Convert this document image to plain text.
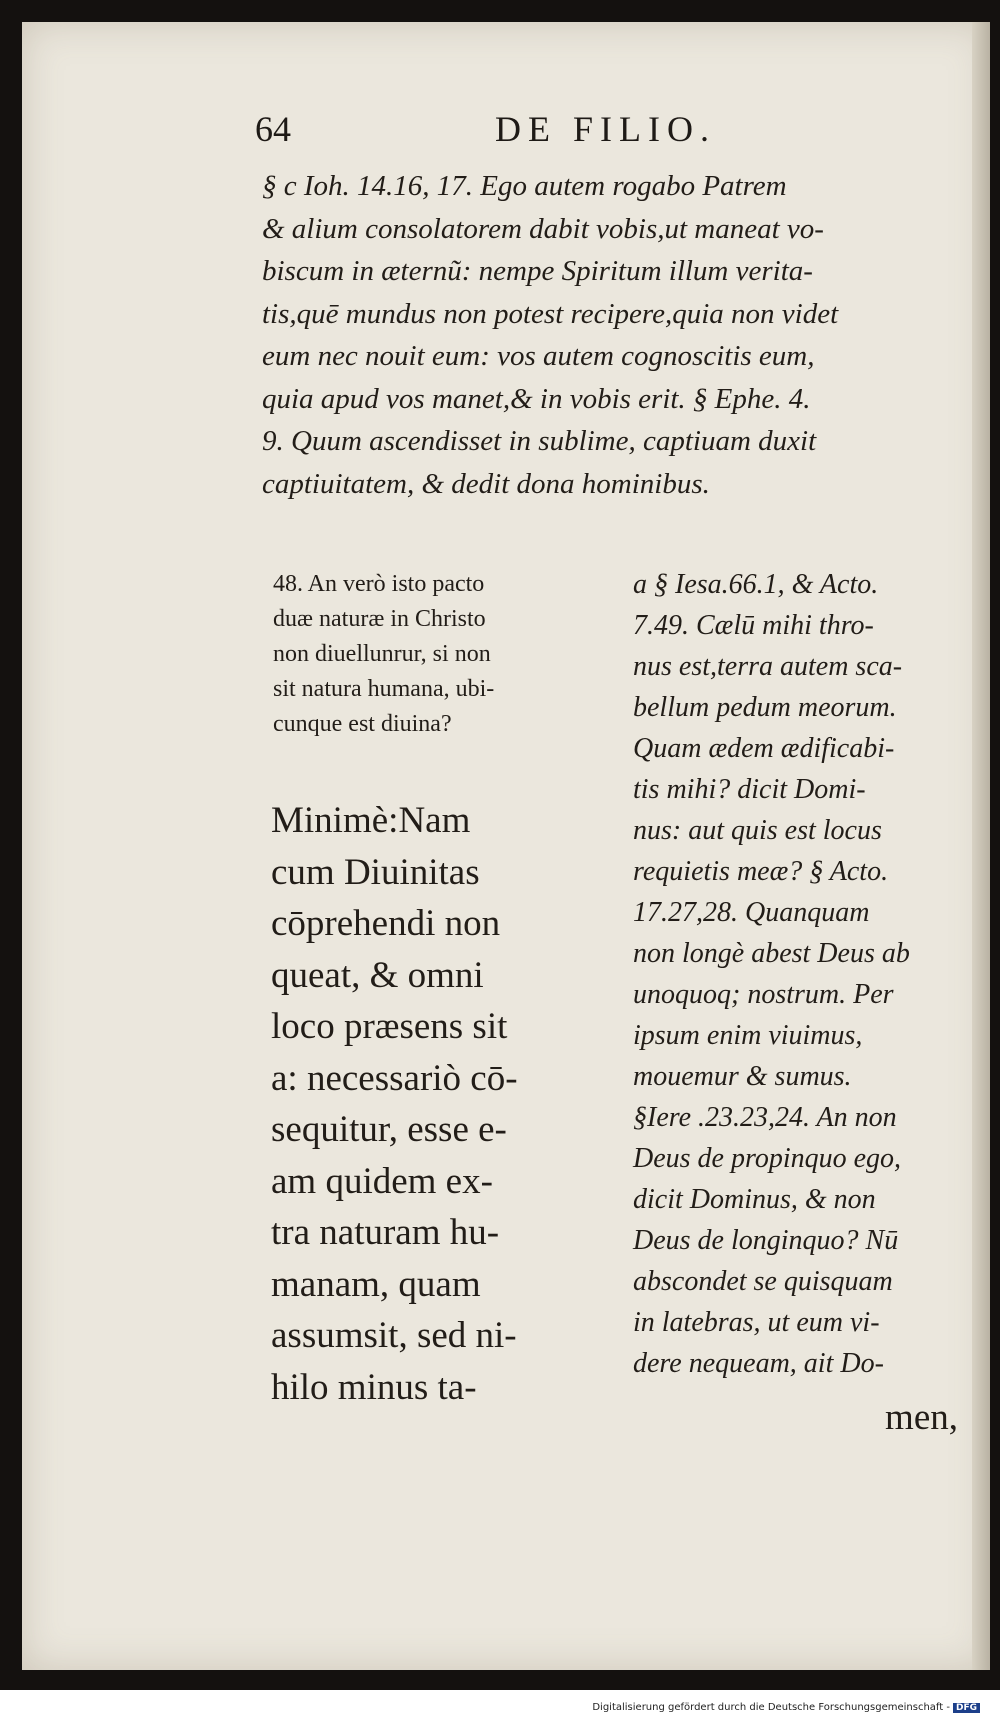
64	DE FILIO.
§ c Ioh. 14.16, 17. Ego autem rogabo Patrem
& alium consolatorem dabit vobis,ut maneat vo-
biscum in æternũ: nempe Spiritum illum verita-
tis,quē mundus non potest recipere,quia non videt
eum nec nouit eum: vos autem cognoscitis eum,
quia apud vos manet,& in vobis erit. § Ephe. 4.
9. Quum ascendisset in sublime, captiuam duxit
captiuitatem, & dedit dona hominibus.
48. An verò isto pacto
duæ naturæ in Christo
non diuellunrur, si non
sit natura humana, ubi-
cunque est diuina?
Minimè:Nam
cum Diuinitas
cōprehendi non
queat, & omni
loco præsens sit
a: necessariò cō-
sequitur, esse e-
am quidem ex-
tra naturam hu-
manam, quam
assumsit, sed ni-
hilo minus ta-
a § Iesa.66.1, & Acto.
7.49. Cælū mihi thro-
nus est,terra autem sca-
bellum pedum meorum.
Quam ædem ædificabi-
tis mihi? dicit Domi-
nus: aut quis est locus
requietis meæ? § Acto.
17.27,28. Quanquam
non longè abest Deus ab
unoquoq; nostrum. Per
ipsum enim viuimus,
mouemur & sumus.
§Iere .23.23,24. An non
Deus de propinquo ego,
dicit Dominus, & non
Deus de longinquo? Nū
abscondet se quisquam
in latebras, ut eum vi-
dere nequeam, ait Do-
men,
Digitalisierung gefördert durch die Deutsche Forschungsgemeinschaft - DFG
